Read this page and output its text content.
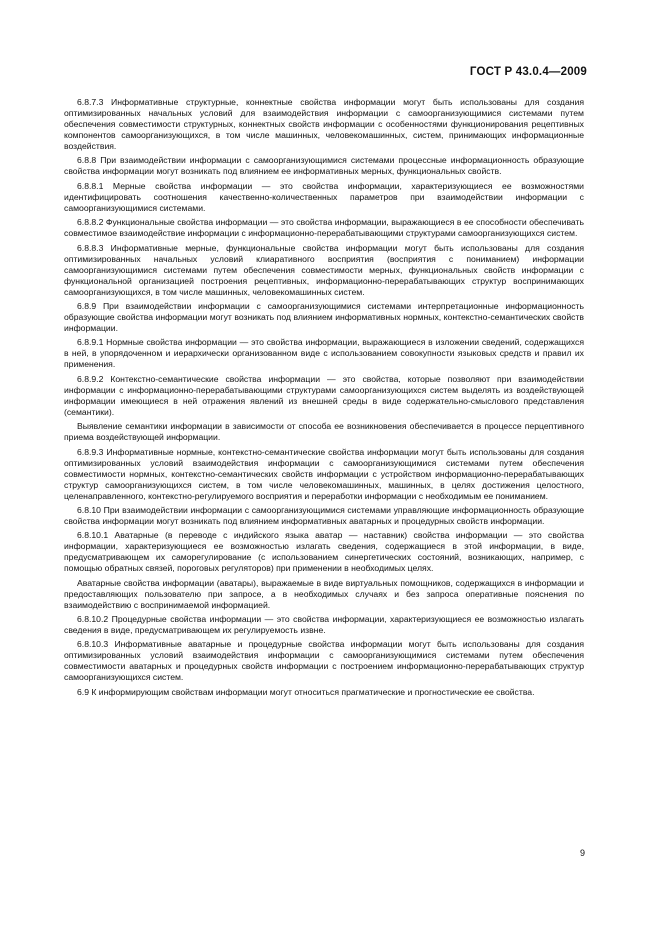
ГОСТ Р 43.0.4—2009

6.8.7.3 Информативные структурные, коннектные свойства информации могут быть использованы для создания оптимизированных начальных условий для взаимодействия информации с самоорганизующимися системами путем обеспечения совместимости структурных, коннектных свойств информации с особенностями функционирования рецептивных компонентов самоорганизующихся, в том числе машинных, человекомашинных, систем, принимающих информационные воздействия.

6.8.8 При взаимодействии информации с самоорганизующимися системами процессные информационность образующие свойства информации могут возникать под влиянием ее информативных мерных, функциональных свойств.

6.8.8.1 Мерные свойства информации — это свойства информации, характеризующиеся ее возможностями идентифицировать соотношения качественно-количественных параметров при взаимодействии информации с самоорганизующимися системами.

6.8.8.2 Функциональные свойства информации — это свойства информации, выражающиеся в ее способности обеспечивать совместимое взаимодействие информации с информационно-перерабатывающими структурами самоорганизующихся систем.

6.8.8.3 Информативные мерные, функциональные свойства информации могут быть использованы для создания оптимизированных начальных условий клиаративного восприятия (восприятия с пониманием) информации самоорганизующимися системами путем обеспечения совместимости мерных, функциональных свойств информации с функциональной организацией построения рецептивных, информационно-перерабатывающих структур воспринимающих самоорганизующихся, в том числе машинных, человекомашинных систем.

6.8.9 При взаимодействии информации с самоорганизующимися системами интерпретационные информационность образующие свойства информации могут возникать под влиянием информативных нормных, контекстно-семантических свойств информации.

6.8.9.1 Нормные свойства информации — это свойства информации, выражающиеся в изложении сведений, содержащихся в ней, в упорядоченном и иерархически организованном виде с использованием совокупности языковых средств и правил их применения.

6.8.9.2 Контекстно-семантические свойства информации — это свойства, которые позволяют при взаимодействии информации с информационно-перерабатывающими структурами самоорганизующихся систем выделять из воздействующей информации имеющиеся в ней отражения явлений из внешней среды в виде содержательно-смыслового представления (семантики).

Выявление семантики информации в зависимости от способа ее возникновения обеспечивается в процессе перцептивного приема воздействующей информации.

6.8.9.3 Информативные нормные, контекстно-семантические свойства информации могут быть использованы для создания оптимизированных условий взаимодействия информации с самоорганизующимися системами путем обеспечения совместимости нормных, контекстно-семантических свойств информации с устройством информационно-перерабатывающих структур самоорганизующихся систем, в том числе человекомашинных, машинных, в целях достижения целостного, целенаправленного, контекстно-регулируемого восприятия и переработки информации с необходимым ее пониманием.

6.8.10 При взаимодействии информации с самоорганизующимися системами управляющие информационность образующие свойства информации могут возникать под влиянием информативных аватарных и процедурных свойств информации.

6.8.10.1 Аватарные (в переводе с индийского языка аватар — наставник) свойства информации — это свойства информации, характеризующиеся ее возможностью излагать сведения, содержащиеся в этой информации, в виде, предусматривающем их саморегулирование (с использованием синергетических состояний, возникающих, например, с помощью обратных связей, пороговых регуляторов) при применении в необходимых целях.

Аватарные свойства информации (аватары), выражаемые в виде виртуальных помощников, содержащихся в информации и предоставляющих пользователю при запросе, а в необходимых случаях и без запроса оперативные пояснения по взаимодействию с воспринимаемой информацией.

6.8.10.2 Процедурные свойства информации — это свойства информации, характеризующиеся ее возможностью излагать сведения в виде, предусматривающем их регулируемость извне.

6.8.10.3 Информативные аватарные и процедурные свойства информации могут быть использованы для создания оптимизированных условий взаимодействия информации с самоорганизующимися системами путем обеспечения совместимости аватарных и процедурных свойств информации с построением информационно-перерабатывающих структур самоорганизующихся систем.

6.9 К информирующим свойствам информации могут относиться прагматические и прогностические ее свойства.

9
